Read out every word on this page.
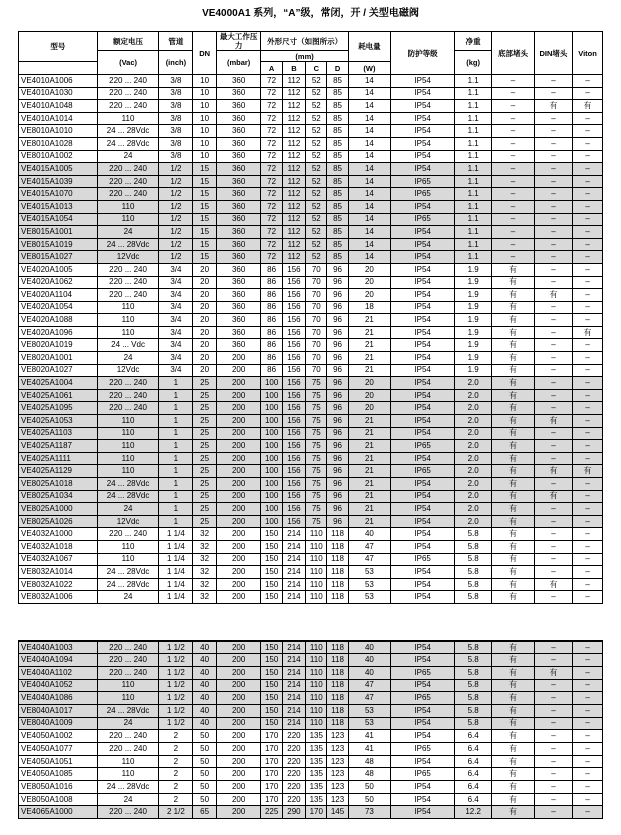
VE4000A1 系列，“A”级，常闭，开 / 关型电磁阀
型号	额定电压	管道	DN	最大工作压力	外形尺寸（如图所示）				耗电量	防护等级	净重	底部堵头	DIN堵头	Viton
	(Vac)	(inch)		(mbar)	(mm)						(kg)			
					A	B	C	D	(W)					
VE4010A1006	220 ... 240	3/8	10	360	72	112	52	85	14	IP54	1.1	–	–	–
VE4010A1030	220 ... 240	3/8	10	360	72	112	52	85	14	IP54	1.1	–	–	–
VE4010A1048	220 ... 240	3/8	10	360	72	112	52	85	14	IP54	1.1	–	有	有
VE4010A1014	110	3/8	10	360	72	112	52	85	14	IP54	1.1	–	–	–
VE8010A1010	24 ... 28Vdc	3/8	10	360	72	112	52	85	14	IP54	1.1	–	–	–
VE8010A1028	24 ... 28Vdc	3/8	10	360	72	112	52	85	14	IP54	1.1	–	–	–
VE8010A1002	24	3/8	10	360	72	112	52	85	14	IP54	1.1	–	–	–
VE4015A1005	220 ... 240	1/2	15	360	72	112	52	85	14	IP54	1.1	–	–	–
VE4015A1039	220 ... 240	1/2	15	360	72	112	52	85	14	IP65	1.1	–	–	–
VE4015A1070	220 ... 240	1/2	15	360	72	112	52	85	14	IP65	1.1	–	–	–
VE4015A1013	110	1/2	15	360	72	112	52	85	14	IP54	1.1	–	–	–
VE4015A1054	110	1/2	15	360	72	112	52	85	14	IP65	1.1	–	–	–
VE8015A1001	24	1/2	15	360	72	112	52	85	14	IP54	1.1	–	–	–
VE8015A1019	24 ... 28Vdc	1/2	15	360	72	112	52	85	14	IP54	1.1	–	–	–
VE8015A1027	12Vdc	1/2	15	360	72	112	52	85	14	IP54	1.1	–	–	–
VE4020A1005	220 ... 240	3/4	20	360	86	156	70	96	20	IP54	1.9	有	–	–
VE4020A1062	220 ... 240	3/4	20	360	86	156	70	96	20	IP54	1.9	有	–	–
VE4020A1104	220 ... 240	3/4	20	360	86	156	70	96	20	IP54	1.9	有	有	–
VE4020A1054	110	3/4	20	360	86	156	70	96	18	IP54	1.9	有	–	–
VE4020A1088	110	3/4	20	360	86	156	70	96	21	IP54	1.9	有	–	–
VE4020A1096	110	3/4	20	360	86	156	70	96	21	IP54	1.9	有	–	有
VE8020A1019	24 ... Vdc	3/4	20	360	86	156	70	96	21	IP54	1.9	有	–	–
VE8020A1001	24	3/4	20	200	86	156	70	96	21	IP54	1.9	有	–	–
VE8020A1027	12Vdc	3/4	20	200	86	156	70	96	21	IP54	1.9	有	–	–
VE4025A1004	220 ... 240	1	25	200	100	156	75	96	20	IP54	2.0	有	–	–
VE4025A1061	220 ... 240	1	25	200	100	156	75	96	20	IP54	2.0	有	–	–
VE4025A1095	220 ... 240	1	25	200	100	156	75	96	20	IP54	2.0	有	–	–
VE4025A1053	110	1	25	200	100	156	75	96	21	IP54	2.0	有	有	–
VE4025A1103	110	1	25	200	100	156	75	96	21	IP54	2.0	有	–	–
VE4025A1187	110	1	25	200	100	156	75	96	21	IP65	2.0	有	–	–
VE4025A1111	110	1	25	200	100	156	75	96	21	IP54	2.0	有	–	–
VE4025A1129	110	1	25	200	100	156	75	96	21	IP65	2.0	有	有	有
VE8025A1018	24 ... 28Vdc	1	25	200	100	156	75	96	21	IP54	2.0	有	–	–
VE8025A1034	24 ... 28Vdc	1	25	200	100	156	75	96	21	IP54	2.0	有	有	–
VE8025A1000	24	1	25	200	100	156	75	96	21	IP54	2.0	有	–	–
VE8025A1026	12Vdc	1	25	200	100	156	75	96	21	IP54	2.0	有	–	–
VE4032A1000	220 ... 240	1 1/4	32	200	150	214	110	118	40	IP54	5.8	有	–	–
VE4032A1018	110	1 1/4	32	200	150	214	110	118	47	IP54	5.8	有	–	–
VE4032A1067	110	1 1/4	32	200	150	214	110	118	47	IP65	5.8	有	–	–
VE8032A1014	24 ... 28Vdc	1 1/4	32	200	150	214	110	118	53	IP54	5.8	有	–	–
VE8032A1022	24 ... 28Vdc	1 1/4	32	200	150	214	110	118	53	IP54	5.8	有	有	–
VE8032A1006	24	1 1/4	32	200	150	214	110	118	53	IP54	5.8	有	–	–
VE4040A1003	220 ... 240	1 1/2	40	200	150	214	110	118	40	IP54	5.8	有	–	–
VE4040A1094	220 ... 240	1 1/2	40	200	150	214	110	118	40	IP54	5.8	有	–	–
VE4040A1102	220 ... 240	1 1/2	40	200	150	214	110	118	40	IP65	5.8	有	有	–
VE4040A1052	110	1 1/2	40	200	150	214	110	118	47	IP54	5.8	有	–	–
VE4040A1086	110	1 1/2	40	200	150	214	110	118	47	IP65	5.8	有	–	–
VE8040A1017	24 ... 28Vdc	1 1/2	40	200	150	214	110	118	53	IP54	5.8	有	–	–
VE8040A1009	24	1 1/2	40	200	150	214	110	118	53	IP54	5.8	有	–	–
VE4050A1002	220 ... 240	2	50	200	170	220	135	123	41	IP54	6.4	有	–	–
VE4050A1077	220 ... 240	2	50	200	170	220	135	123	41	IP65	6.4	有	–	–
VE4050A1051	110	2	50	200	170	220	135	123	48	IP54	6.4	有	–	–
VE4050A1085	110	2	50	200	170	220	135	123	48	IP65	6.4	有	–	–
VE8050A1016	24 ... 28Vdc	2	50	200	170	220	135	123	50	IP54	6.4	有	–	–
VE8050A1008	24	2	50	200	170	220	135	123	50	IP54	6.4	有	–	–
VE4065A1000	220 ... 240	2 1/2	65	200	225	290	170	145	73	IP54	12.2	有	–	–
